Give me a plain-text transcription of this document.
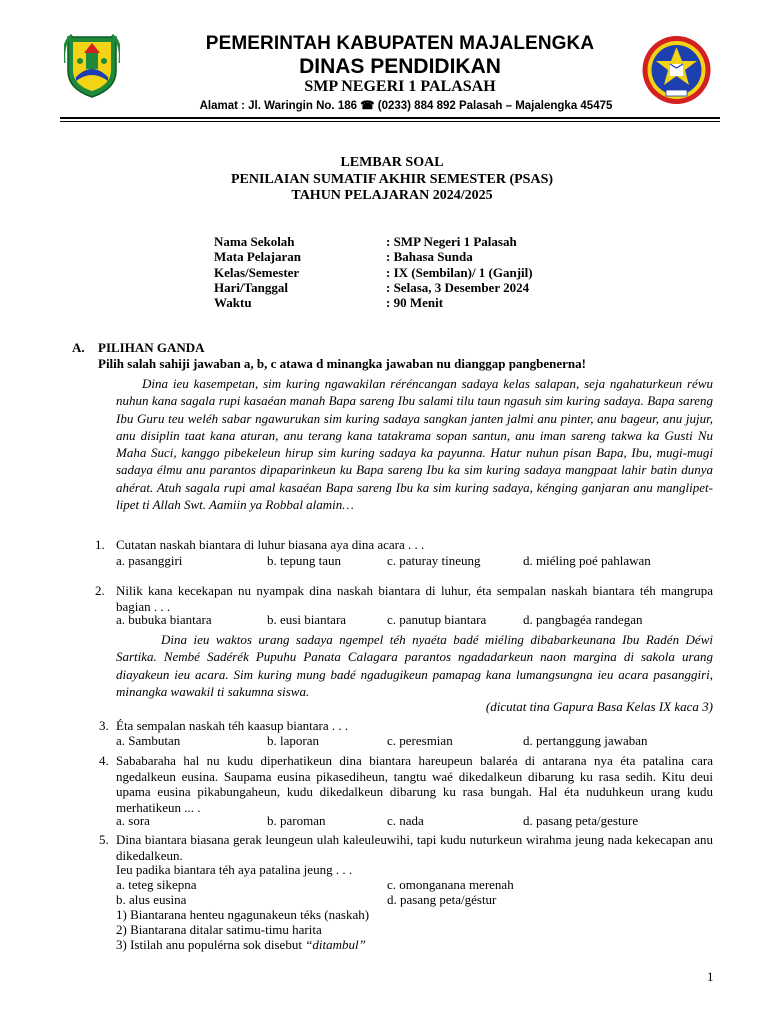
PEMERINTAH KABUPATEN MAJALENGKA
DINAS PENDIDIKAN
SMP NEGERI 1 PALASAH
Alamat : Jl. Waringin No. 186 ☎ (0233) 884 892 Palasah – Majalengka 45475
LEMBAR SOAL
PENILAIAN SUMATIF AKHIR SEMESTER (PSAS)
TAHUN PELAJARAN 2024/2025
Nama Sekolah	: SMP Negeri 1 Palasah
Mata Pelajaran	: Bahasa Sunda
Kelas/Semester	: IX (Sembilan)/ 1 (Ganjil)
Hari/Tanggal	: Selasa, 3 Desember 2024
Waktu	: 90 Menit
A. PILIHAN GANDA
Pilih salah sahiji jawaban a, b, c atawa d minangka jawaban nu dianggap pangbenerna!
Dina ieu kasempetan, sim kuring ngawakilan réréncangan sadaya kelas salapan, seja ngahaturkeun réwu nuhun kana sagala rupi kasaéan manah Bapa sareng Ibu salami tilu taun ngasuh sim kuring sadaya. Bapa sareng Ibu Guru teu weléh sabar ngawurukan sim kuring sadaya sangkan janten jalmi anu pinter, anu bageur, anu jujur, anu disiplin taat kana aturan, anu terang kana tatakrama sopan santun, anu iman sareng takwa ka Gusti Nu Maha Suci, kanggo pibekeleun hirup sim kuring sadaya ka payunna. Hatur nuhun pisan Bapa, Ibu, mugi-mugi sadaya élmu anu parantos dipaparinkeun ku Bapa sareng Ibu ka sim kuring sadaya mangpaat lahir batin dunya ahérat. Atuh sagala rupi amal kasaéan Bapa sareng Ibu ka sim kuring sadaya, kénging ganjaran anu manglipet-lipet ti Allah Swt. Aamiin ya Robbal alamin…
1. Cutatan naskah biantara di luhur biasana aya dina acara . . .
a. pasanggiri	b. tepung taun	c. paturay tineung	d. miéling poé pahlawan
2. Nilik kana kecekapan nu nyampak dina naskah biantara di luhur, éta sempalan naskah biantara téh mangrupa bagian . . .
a. bubuka biantara	b. eusi biantara	c. panutup biantara	d. pangbagéa randegan
Dina ieu waktos urang sadaya ngempel téh nyaéta badé miéling dibabarkeunana Ibu Radén Déwi Sartika. Nembé Sadérék Pupuhu Panata Calagara parantos ngadadarkeun naon margina di sakola urang diayakeun ieu acara. Sim kuring mung badé ngadugikeun pamapag kana lumangsungna ieu acara pasanggiri, minangka wawakil ti sakumna siswa.
(dicutat tina Gapura Basa Kelas IX kaca 3)
3. Éta sempalan naskah téh kaasup biantara . . .
a. Sambutan	b. laporan	c. peresmian	d. pertanggung jawaban
4. Sababaraha hal nu kudu diperhatikeun dina biantara hareupeun balaréa di antarana nya éta patalina cara ngedalkeun eusina. Saupama eusina pikasediheun, tangtu waé dikedalkeun dibarung ku rasa sedih. Kitu deui upama eusina pikabungaheun, kudu dikedalkeun dibarung ku rasa bungah. Hal éta nuduhkeun urang kudu merhatikeun ... .
a. sora	b. paroman	c. nada	d. pasang peta/gesture
5. Dina biantara biasana gerak leungeun ulah kaleuleuwihi, tapi kudu nuturkeun wirahma jeung nada kekecapan anu dikedalkeun.
Ieu padika biantara téh aya patalina jeung . . .
a. teteg sikepna	c. omonganana merenah
b. alus eusina	d. pasang peta/géstur
1) Biantarana henteu ngagunakeun téks (naskah)
2) Biantarana ditalar satimu-timu harita
3) Istilah anu populérna sok disebut “ditambul”
1
